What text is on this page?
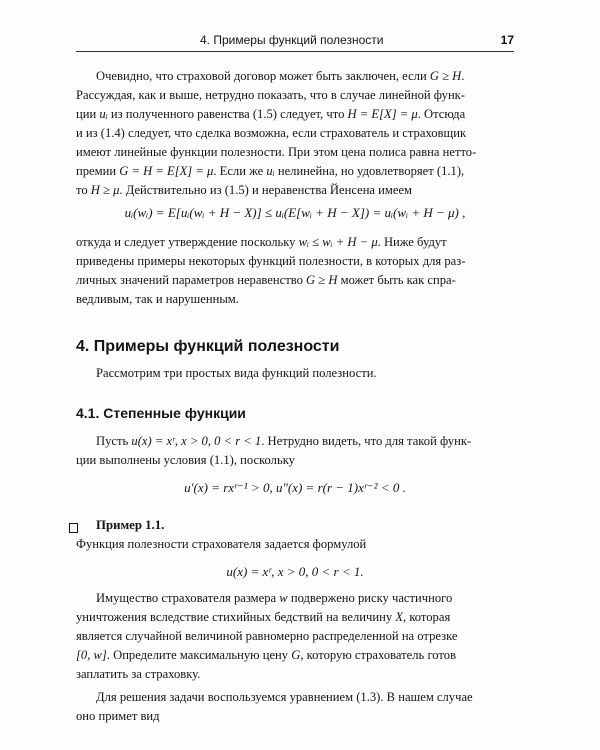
4. Примеры функций полезности	17

Очевидно, что страховой договор может быть заключен, если G ≥ H.

Рассуждая, как и выше, нетрудно показать, что в случае линейной функ-

ции uᵢ из полученного равенства (1.5) следует, что H = E[X] = μ. Отсюда

и из (1.4) следует, что сделка возможна, если страхователь и страховщик

имеют линейные функции полезности. При этом цена полиса равна нетто-

премии G = H = E[X] = μ. Если же uᵢ нелинейна, но удовлетворяет (1.1),

то H ≥ μ. Действительно из (1.5) и неравенства Йенсена имеем

uᵢ(wᵢ) = E[uᵢ(wᵢ + H − X)] ≤ uᵢ(E[wᵢ + H − X]) = uᵢ(wᵢ + H − μ) ,

откуда и следует утверждение поскольку wᵢ ≤ wᵢ + H − μ. Ниже будут

приведены примеры некоторых функций полезности, в которых для раз-

личных значений параметров неравенство G ≥ H может быть как спра-

ведливым, так и нарушенным.

4. Примеры функций полезности

Рассмотрим три простых вида функций полезности.

4.1. Степенные функции

Пусть u(x) = xʳ, x > 0, 0 < r < 1. Нетрудно видеть, что для такой функ-

ции выполнены условия (1.1), поскольку

u′(x) = rxʳ⁻¹ > 0, u″(x) = r(r − 1)xʳ⁻² < 0 .

Пример 1.1.

Функция полезности страхователя задается формулой

u(x) = xʳ, x > 0, 0 < r < 1.

Имущество страхователя размера w подвержено риску частичного

уничтожения вследствие стихийных бедствий на величину X, которая

является случайной величиной равномерно распределенной на отрезке

[0, w]. Определите максимальную цену G, которую страхователь готов

заплатить за страховку.

Для решения задачи воспользуемся уравнением (1.3). В нашем случае

оно примет вид
